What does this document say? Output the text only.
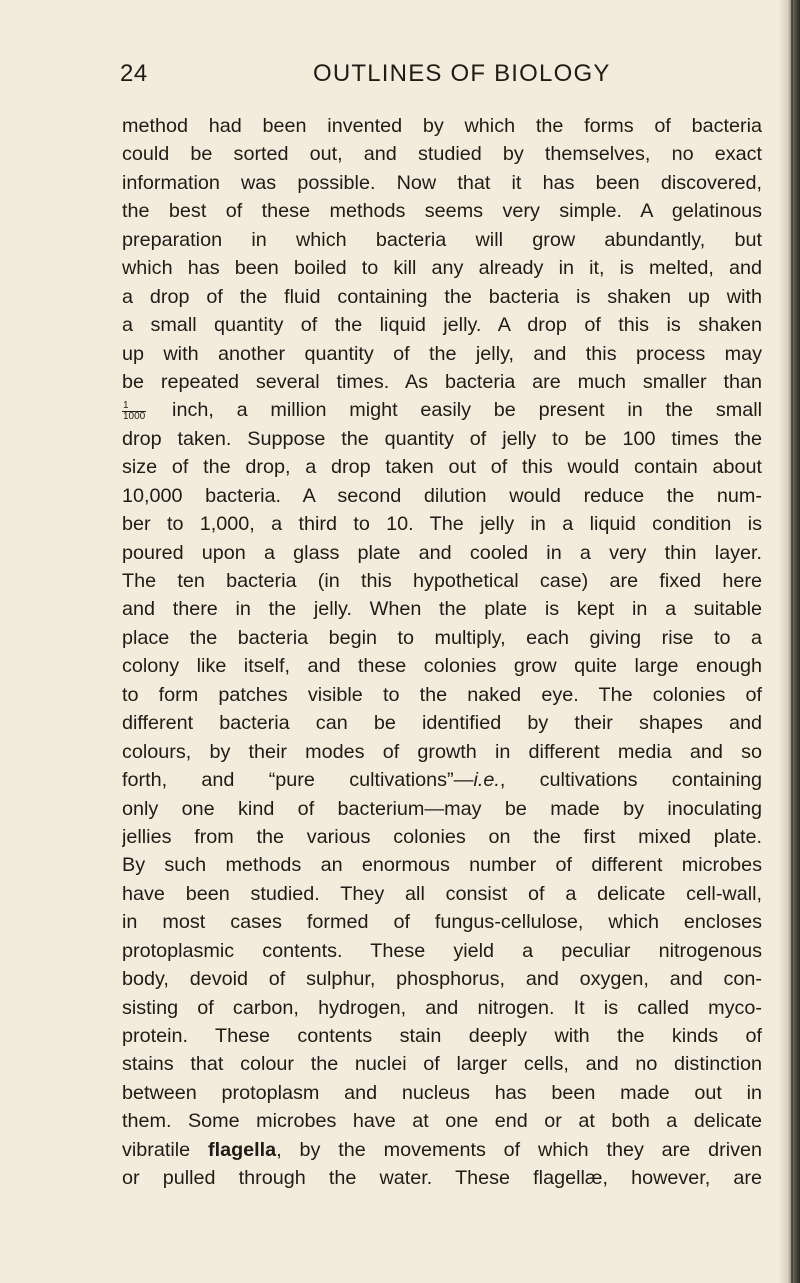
24	OUTLINES OF BIOLOGY
method had been invented by which the forms of bacteria
could be sorted out, and studied by themselves, no exact
information was possible. Now that it has been discovered,
the best of these methods seems very simple. A gelatinous
preparation in which bacteria will grow abundantly, but
which has been boiled to kill any already in it, is melted, and
a drop of the fluid containing the bacteria is shaken up with
a small quantity of the liquid jelly. A drop of this is shaken
up with another quantity of the jelly, and this process may
be repeated several times. As bacteria are much smaller than
$\frac{1}{1000}$ inch, a million might easily be present in the small
drop taken. Suppose the quantity of jelly to be 100 times the
size of the drop, a drop taken out of this would contain about
10,000 bacteria. A second dilution would reduce the num-
ber to 1,000, a third to 10. The jelly in a liquid condition is
poured upon a glass plate and cooled in a very thin layer.
The ten bacteria (in this hypothetical case) are fixed here
and there in the jelly. When the plate is kept in a suitable
place the bacteria begin to multiply, each giving rise to a
colony like itself, and these colonies grow quite large enough
to form patches visible to the naked eye. The colonies of
different bacteria can be identified by their shapes and
colours, by their modes of growth in different media and so
forth, and “pure cultivations”—i.e., cultivations containing
only one kind of bacterium—may be made by inoculating
jellies from the various colonies on the first mixed plate.
By such methods an enormous number of different microbes
have been studied. They all consist of a delicate cell-wall,
in most cases formed of fungus-cellulose, which encloses
protoplasmic contents. These yield a peculiar nitrogenous
body, devoid of sulphur, phosphorus, and oxygen, and con-
sisting of carbon, hydrogen, and nitrogen. It is called myco-
protein. These contents stain deeply with the kinds of
stains that colour the nuclei of larger cells, and no distinction
between protoplasm and nucleus has been made out in
them. Some microbes have at one end or at both a delicate
vibratile flagella, by the movements of which they are driven
or pulled through the water. These flagellæ, however, are
